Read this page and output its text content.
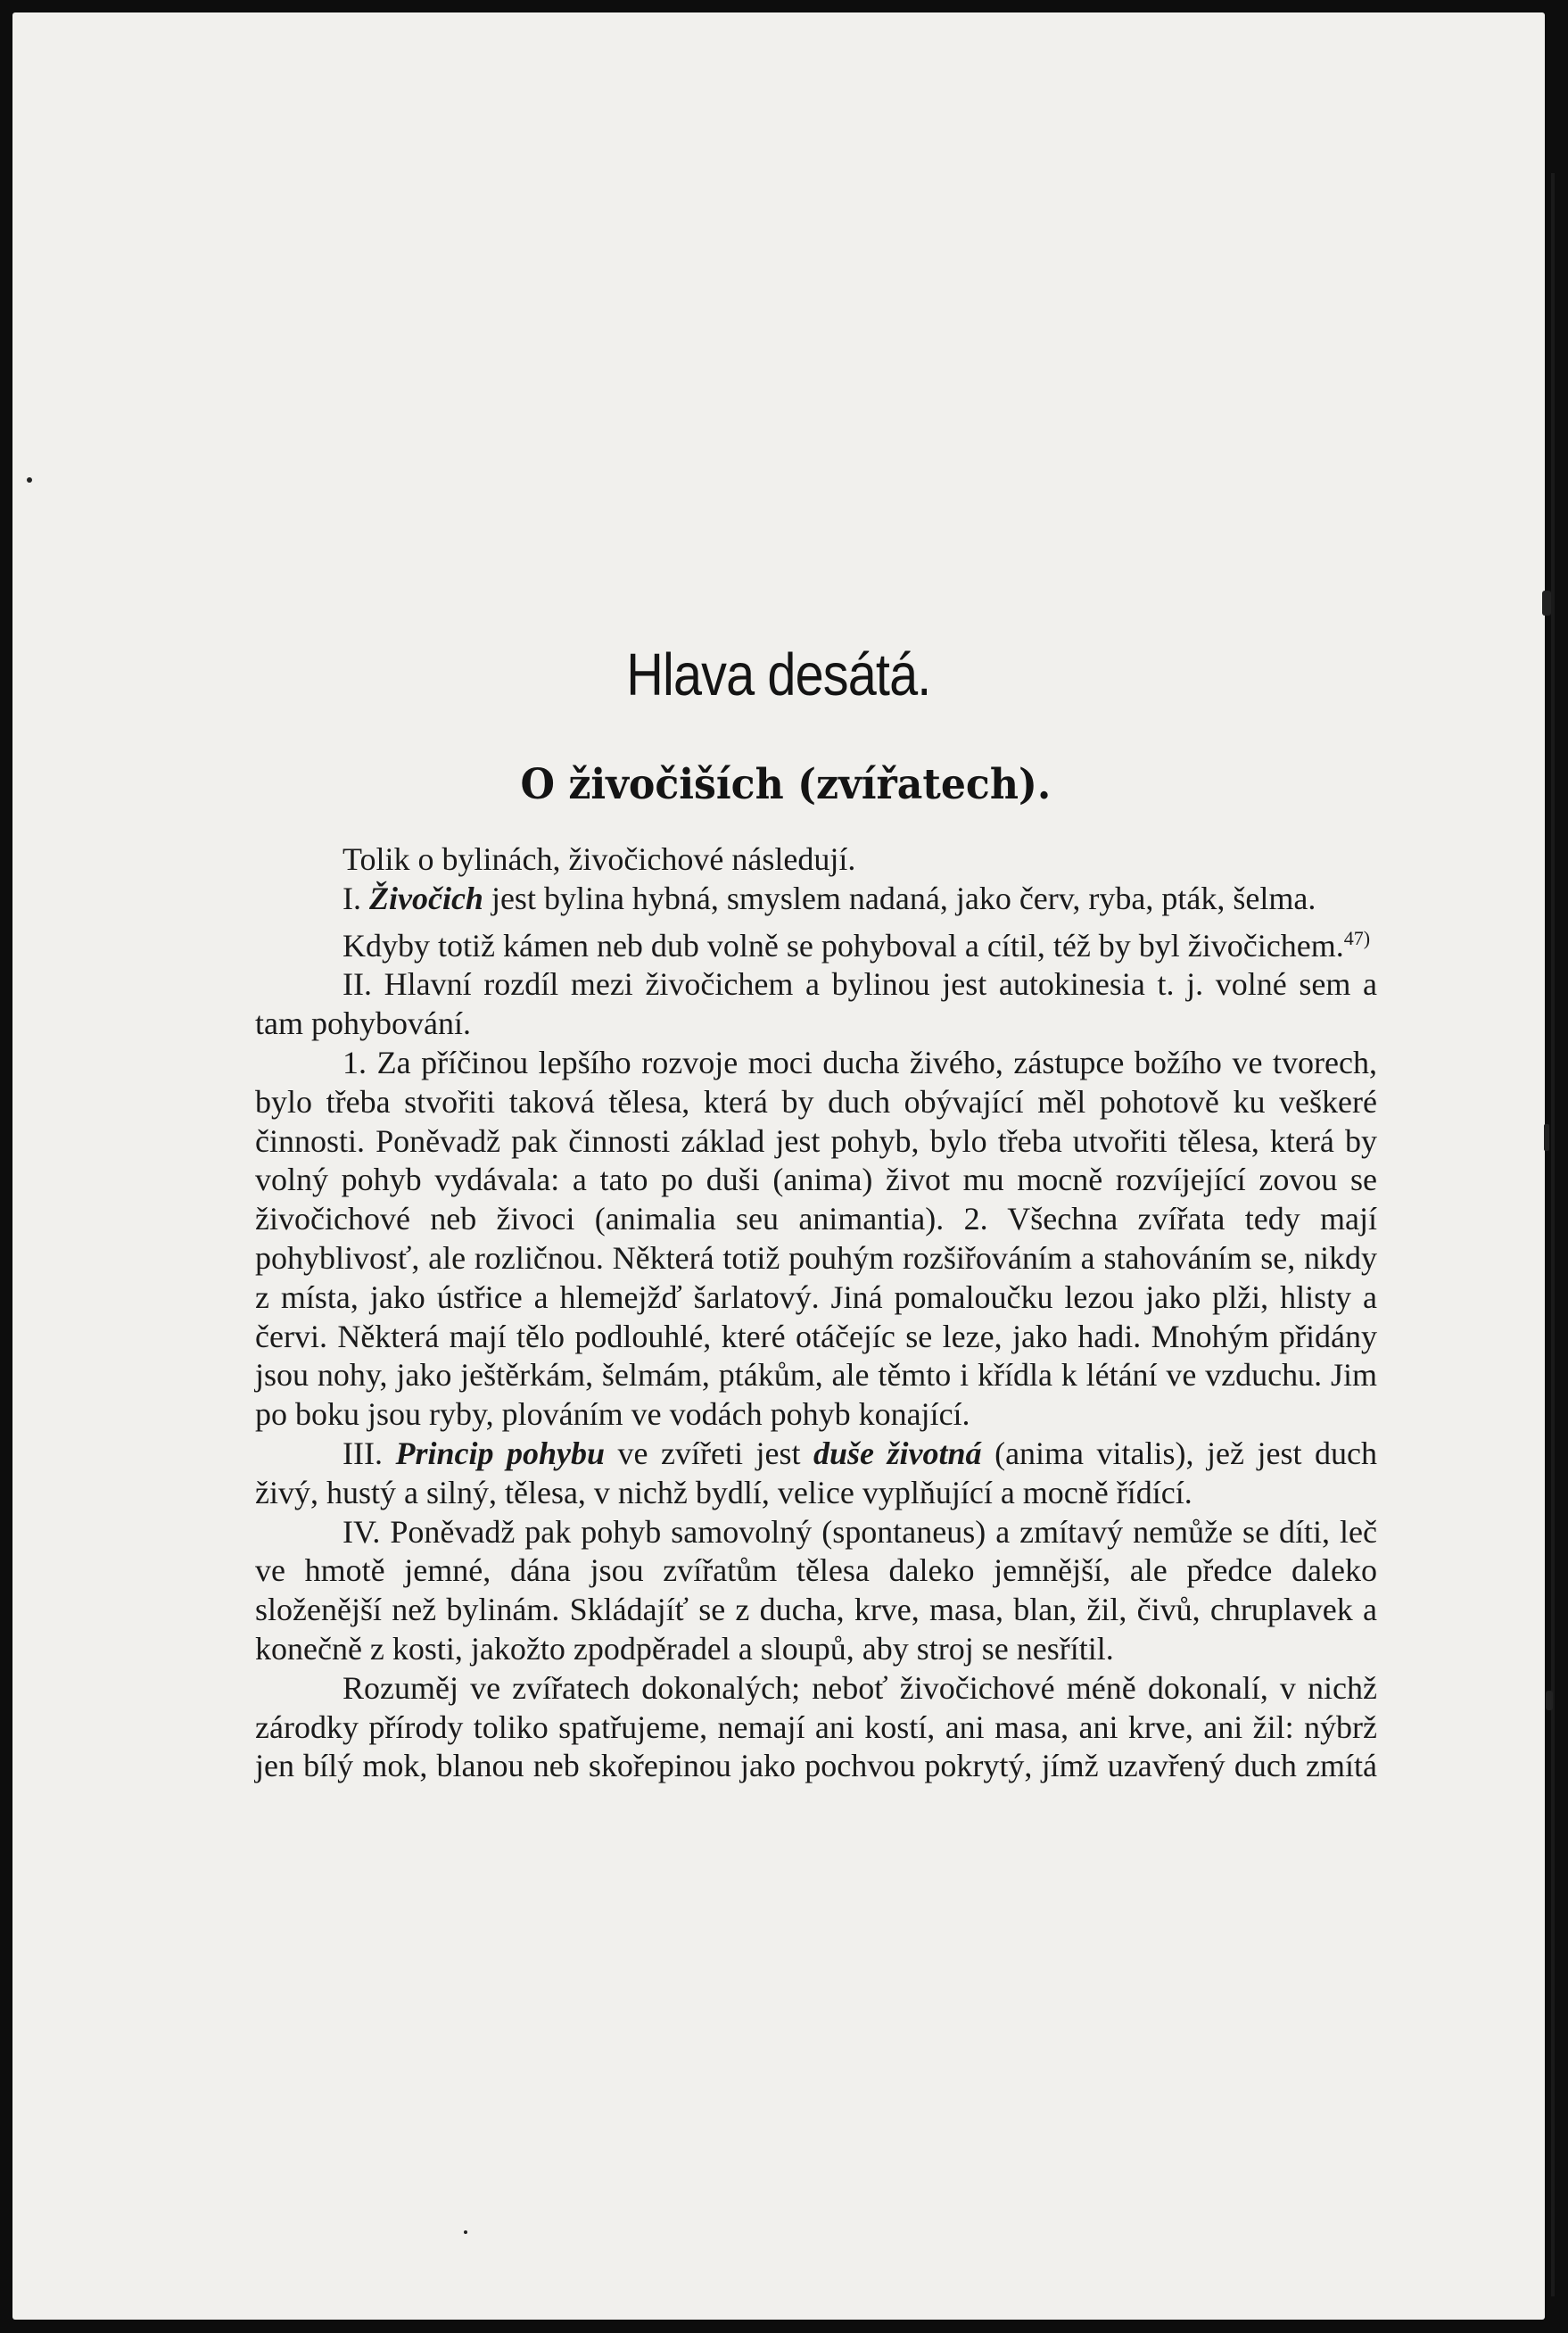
Hlava desátá.
O živočiších (zvířatech).

Tolik o bylinách, živočichové následují.

I. Živočich jest bylina hybná, smyslem nadaná, jako červ, ryba, pták, šelma.

Kdyby totiž kámen neb dub volně se pohyboval a cítil, též by byl živočichem.$^{47)}$

II. Hlavní rozdíl mezi živočichem a bylinou jest autokinesia t. j. volné sem a tam pohybování.

1. Za příčinou lepšího rozvoje moci ducha živého, zástupce božího ve tvorech, bylo třeba stvořiti taková tělesa, která by duch obývající měl pohotově ku veškeré činnosti. Poněvadž pak činnosti základ jest pohyb, bylo třeba utvořiti tělesa, která by volný pohyb vydávala: a tato po duši (anima) život mu mocně rozvíjející zovou se živočichové neb živoci (animalia seu animantia). 2. Všechna zvířata tedy mají pohyblivosť, ale rozličnou. Některá totiž pouhým rozšiřováním a stahováním se, nikdy z místa, jako ústřice a hlemejžď šarlatový. Jiná pomaloučku lezou jako plži, hlisty a červi. Některá mají tělo podlouhlé, které otáčejíc se leze, jako hadi. Mnohým přidány jsou nohy, jako ještěrkám, šelmám, ptákům, ale těmto i křídla k létání ve vzduchu. Jim po boku jsou ryby, plováním ve vodách pohyb konající.

III. Princip pohybu ve zvířeti jest duše životná (anima vitalis), jež jest duch živý, hustý a silný, tělesa, v nichž bydlí, velice vyplňující a mocně řídící.

IV. Poněvadž pak pohyb samovolný (spontaneus) a zmítavý nemůže se díti, leč ve hmotě jemné, dána jsou zvířatům tělesa daleko jemnější, ale předce daleko složenější než bylinám. Skládajíť se z ducha, krve, masa, blan, žil, čivů, chruplavek a konečně z kosti, jakožto zpodpěradel a sloupů, aby stroj se nesřítil.

Rozuměj ve zvířatech dokonalých; neboť živočichové méně dokonalí, v nichž zárodky přírody toliko spatřujeme, nemají ani kostí, ani masa, ani krve, ani žil: nýbrž jen bílý mok, blanou neb skořepinou jako pochvou pokrytý, jímž uzavřený duch zmítá
